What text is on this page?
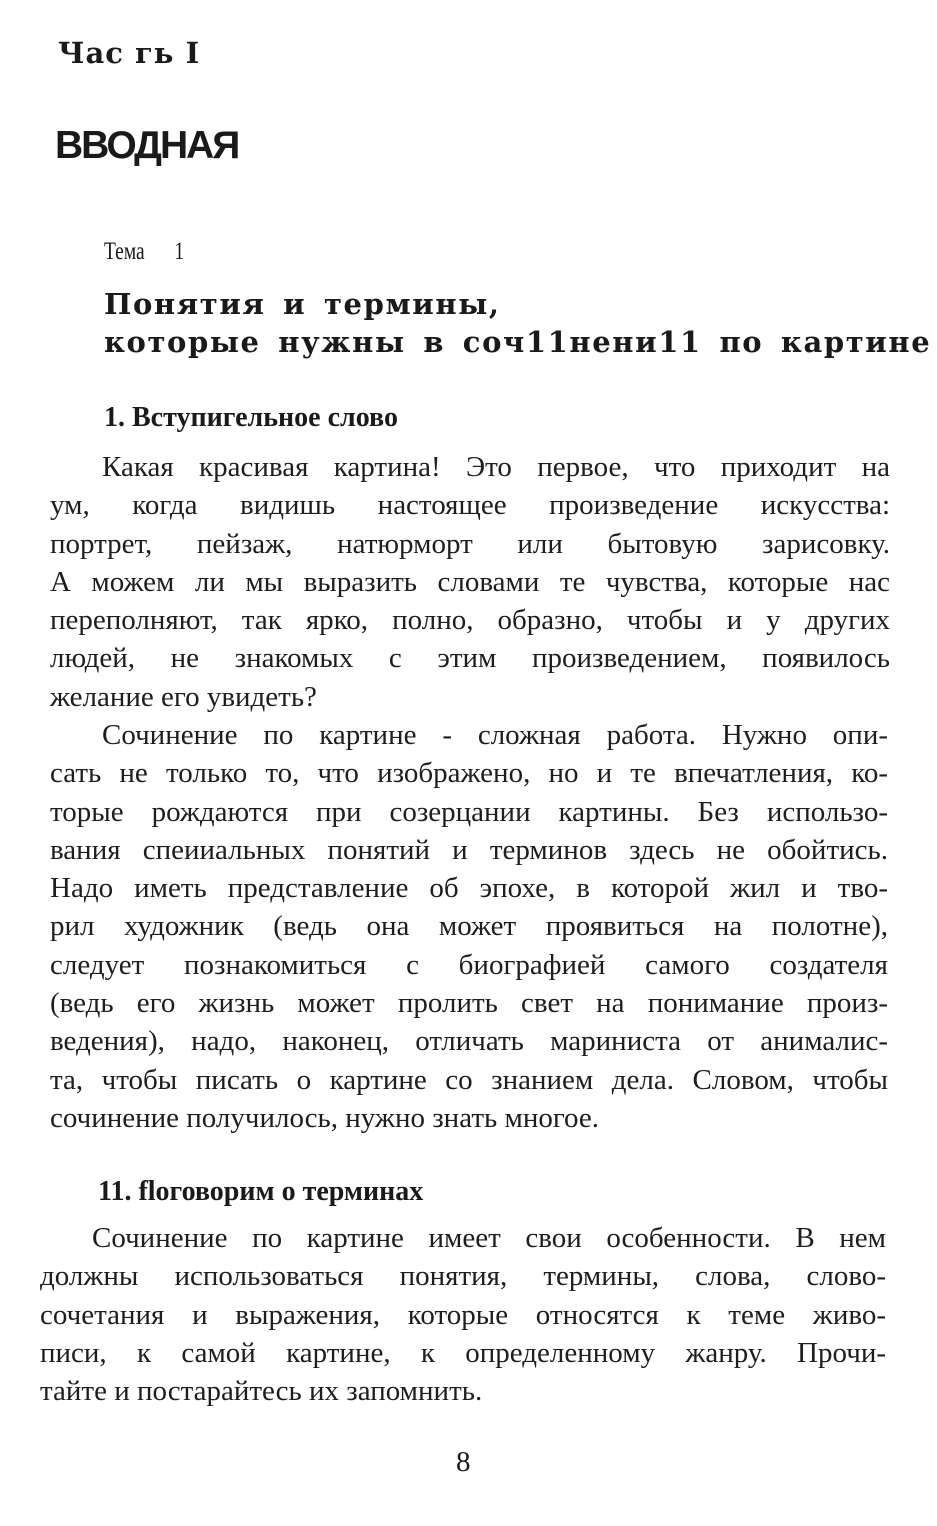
Час гь I
ВВОДНАЯ
Тема 1
Понятия и термины,
которые нужны в соч11нени11 по картине
1. Вступигельное слово
Какая красивая картина! Это первое, что приходит на
ум, когда видишь настоящее произведение искусства:
портрет, пейзаж, натюрморт или бытовую зарисовку.
А можем ли мы выразить словами те чувства, которые нас
переполняют, так ярко, полно, образно, чтобы и у других
людей, не знакомых с этим произведением, появилось
желание его увидеть?
Сочинение по картине - сложная работа. Нужно опи-
сать не только то, что изображено, но и те впечатления, ко-
торые рождаются при созерцании картины. Без использо-
вания спеииальных понятий и терминов здесь не обойтись.
Надо иметь представление об эпохе, в которой жил и тво-
рил художник (ведь она может проявиться на полотне),
следует познакомиться с биографией самого создателя
(ведь его жизнь может пролить свет на понимание произ-
ведения), надо, наконец, отличать мариниста от анималис-
та, чтобы писать о картине со знанием дела. Словом, чтобы
сочинение получилось, нужно знать многое.
11. flоговорим о терминах
Сочинение по картине имеет свои особенности. В нем
должны использоваться понятия, термины, слова, слово-
сочетания и выражения, которые относятся к теме живо-
писи, к самой картине, к определенному жанру. Прочи-
тайте и постарайтесь их запомнить.
8
